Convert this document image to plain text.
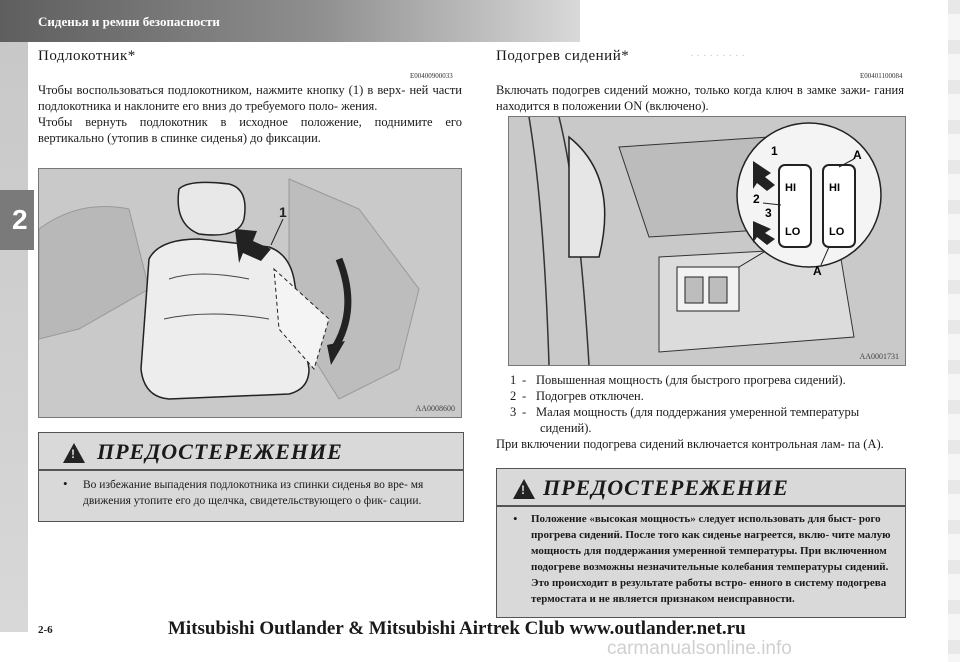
Сиденья и ремни безопасности
2
Подлокотник*
E00400900033

Чтобы воспользоваться подлокотником, нажмите кнопку (1) в верх- ней части подлокотника и наклоните его вниз до требуемого поло- жения.

Чтобы вернуть подлокотник в исходное положение, поднимите его вертикально (утопив в спинке сиденья) до фиксации.

1
AA0008600
!
ПРЕДОСТЕРЕЖЕНИЕ
• Во избежание выпадения подлокотника из спинки сиденья во вре- мя движения утопите его до щелчка, свидетельствующего о фик- сации.
· · · · · · · · ·
Подогрев сидений*
E00401100084
Включать подогрев сидений можно, только когда ключ в замке зажи- гания находится в положении ON (включено).
HI
LO
HI
LO
1
2
3
A
A
AA0001731
1 - Повышенная мощность (для быстрого прогрева сидений).
2 - Подогрев отключен.
3 - Малая мощность (для поддержания умеренной температуры
сидений).
При включении подогрева сидений включается контрольная лам- па (А).
!
ПРЕДОСТЕРЕЖЕНИЕ
• Положение «высокая мощность» следует использовать для быст- рого прогрева сидений. После того как сиденье нагреется, вклю- чите малую мощность для поддержания умеренной температуры. При включенном подогреве возможны незначительные колебания температуры сидений. Это происходит в результате работы встро- енного в систему подогрева термостата и не является признаком неисправности.
2-6	Mitsubishi Outlander & Mitsubishi Airtrek Club www.outlander.net.ru
carmanualsonline.info
